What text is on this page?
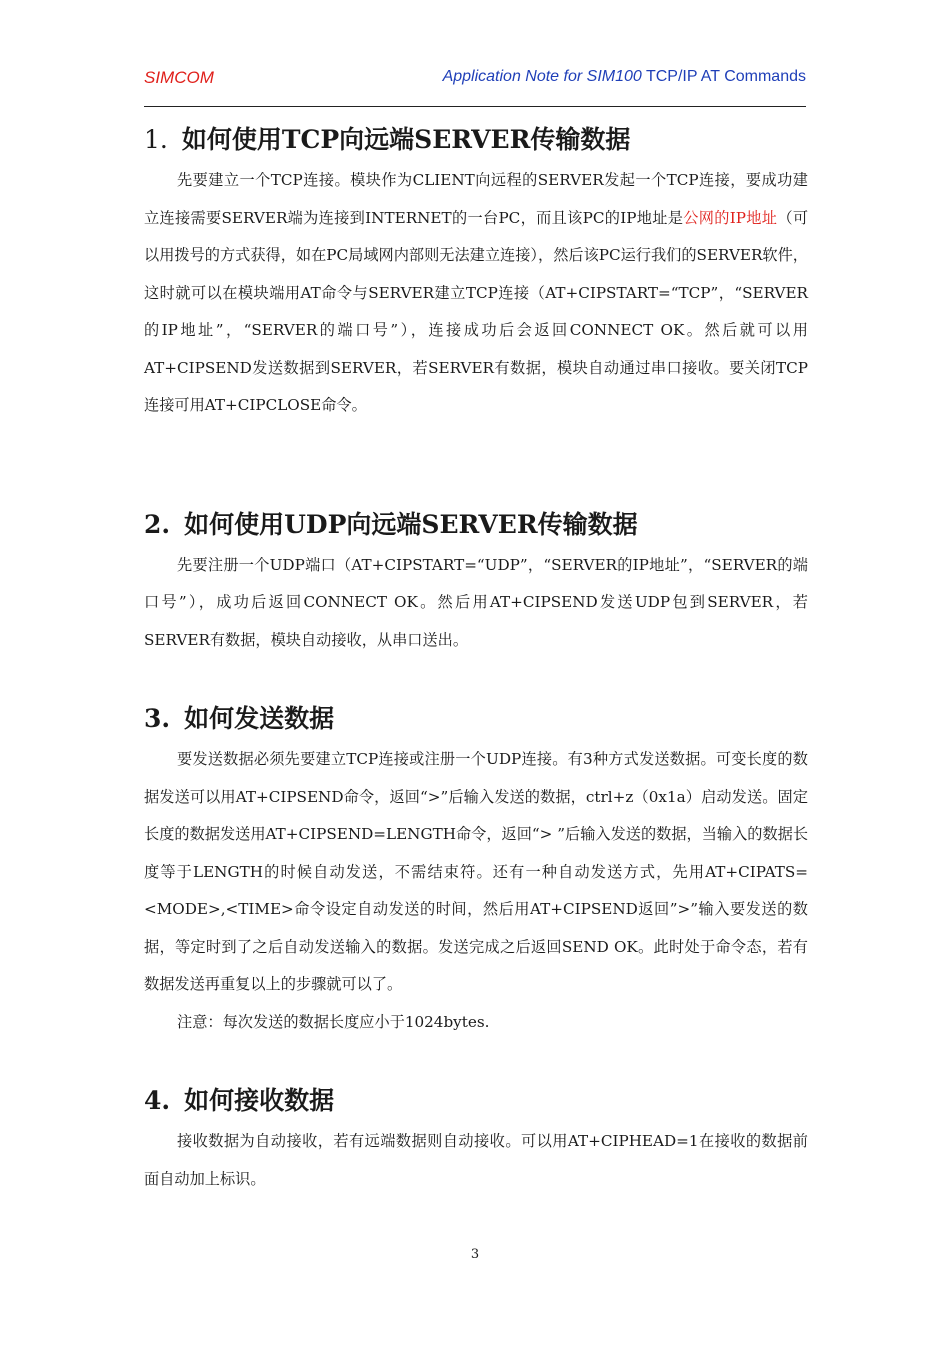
SIMCOM	Application Note for SIM100 TCP/IP AT Commands
1. 如何使用TCP向远端SERVER传输数据

先要建立一个TCP连接。模块作为CLIENT向远程的SERVER发起一个TCP连接，要成功建立连接需要SERVER端为连接到INTERNET的一台PC，而且该PC的IP地址是公网的IP地址（可以用拨号的方式获得，如在PC局域网内部则无法建立连接），然后该PC运行我们的SERVER软件，这时就可以在模块端用AT命令与SERVER建立TCP连接（AT+CIPSTART=“TCP”，“SERVER的IP地址”，“SERVER的端口号”），连接成功后会返回CONNECT OK。然后就可以用AT+CIPSEND发送数据到SERVER，若SERVER有数据，模块自动通过串口接收。要关闭TCP连接可用AT+CIPCLOSE命令。

2. 如何使用UDP向远端SERVER传输数据

先要注册一个UDP端口（AT+CIPSTART=“UDP”，“SERVER的IP地址”，“SERVER的端口号”），成功后返回CONNECT OK。然后用AT+CIPSEND发送UDP包到SERVER，若SERVER有数据，模块自动接收，从串口送出。

3. 如何发送数据

要发送数据必须先要建立TCP连接或注册一个UDP连接。有3种方式发送数据。可变长度的数据发送可以用AT+CIPSEND命令，返回“>”后输入发送的数据，ctrl+z（0x1a）启动发送。固定长度的数据发送用AT+CIPSEND=LENGTH命令，返回“> ”后输入发送的数据，当输入的数据长度等于LENGTH的时候自动发送，不需结束符。还有一种自动发送方式，先用AT+CIPATS=<MODE>,<TIME>命令设定自动发送的时间，然后用AT+CIPSEND返回”>”输入要发送的数据，等定时到了之后自动发送输入的数据。发送完成之后返回SEND OK。此时处于命令态，若有数据发送再重复以上的步骤就可以了。

注意：每次发送的数据长度应小于1024bytes.

4. 如何接收数据

接收数据为自动接收，若有远端数据则自动接收。可以用AT+CIPHEAD=1在接收的数据前面自动加上标识。

3
